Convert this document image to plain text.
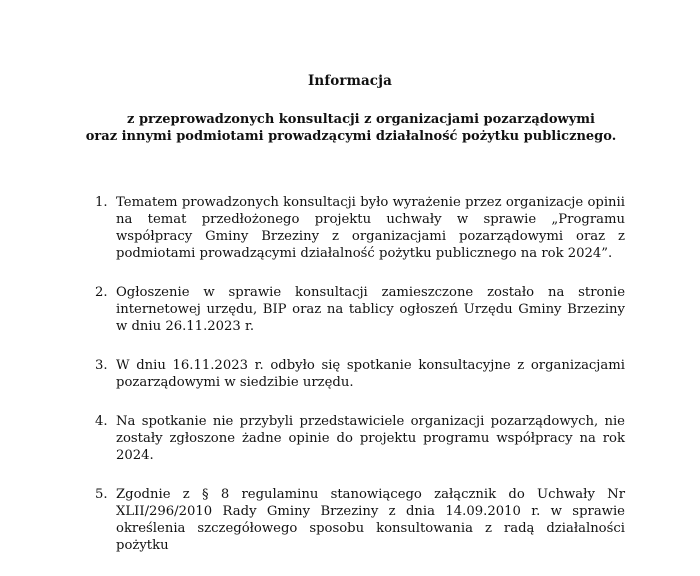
Informacja
z przeprowadzonych konsultacji z organizacjami pozarządowymi
oraz innymi podmiotami prowadzącymi działalność pożytku publicznego.
1. Tematem prowadzonych konsultacji było wyrażenie przez organizacje opinii na temat przedłożonego projektu uchwały w sprawie „Programu współpracy Gminy Brzeziny z organizacjami pozarządowymi oraz z podmiotami prowadzącymi działalność pożytku publicznego na rok 2024”.
2. Ogłoszenie w sprawie konsultacji zamieszczone zostało na stronie internetowej urzędu, BIP oraz na tablicy ogłoszeń Urzędu Gminy Brzeziny w dniu 26.11.2023 r.
3. W dniu 16.11.2023 r. odbyło się spotkanie konsultacyjne z organizacjami pozarządowymi w siedzibie urzędu.
4. Na spotkanie nie przybyli przedstawiciele organizacji pozarządowych, nie zostały zgłoszone żadne opinie do projektu programu współpracy na rok 2024.
5. Zgodnie z § 8 regulaminu stanowiącego załącznik do Uchwały Nr XLII/296/2010 Rady Gminy Brzeziny z dnia 14.09.2010 r. w sprawie określenia szczegółowego sposobu konsultowania z radą działalności pożytku
